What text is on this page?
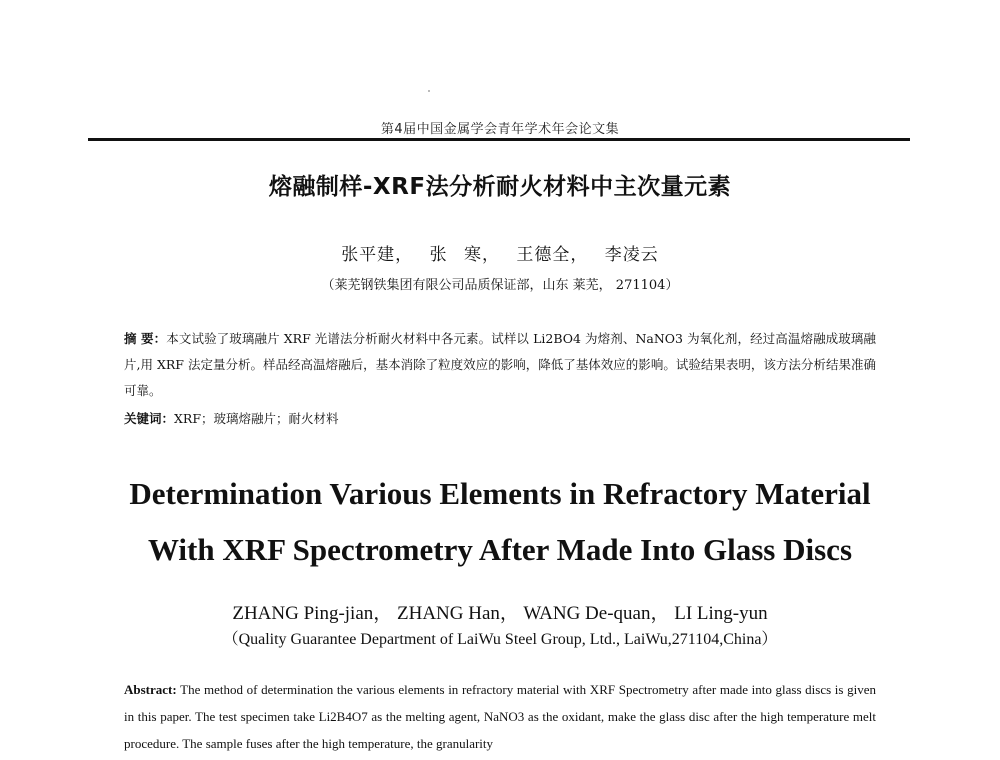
第4届中国金属学会青年学术年会论文集
熔融制样-XRF法分析耐火材料中主次量元素
张平建， 张 寒， 王德全， 李凌云
（莱芜钢铁集团有限公司品质保证部，山东 莱芜， 271104）
摘 要：本文试验了玻璃融片 XRF 光谱法分析耐火材料中各元素。试样以 Li2BO4 为熔剂、NaNO3 为氧化剂，经过高温熔融成玻璃融片,用 XRF 法定量分析。样品经高温熔融后，基本消除了粒度效应的影响，降低了基体效应的影响。试验结果表明，该方法分析结果准确可靠。
关键词：XRF；玻璃熔融片；耐火材料
Determination Various Elements in Refractory Material
With XRF Spectrometry After Made Into Glass Discs
ZHANG Ping-jian， ZHANG Han， WANG De-quan， LI Ling-yun
（Quality Guarantee Department of LaiWu Steel Group, Ltd., LaiWu,271104,China）
Abstract: The method of determination the various elements in refractory material with XRF Spectrometry after made into glass discs is given in this paper. The test specimen take Li2B4O7 as the melting agent, NaNO3 as the oxidant, make the glass disc after the high temperature melt procedure. The sample fuses after the high temperature, the granularity
